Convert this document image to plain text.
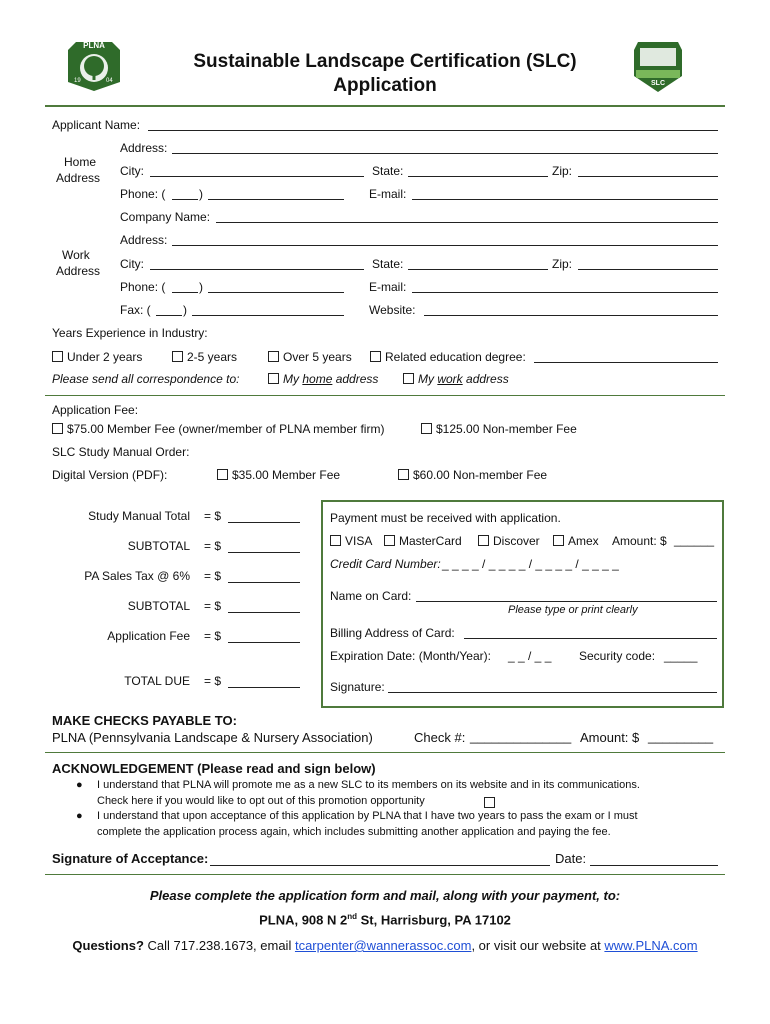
PLNA
19	04
Sustainable Landscape Certification (SLC)
Application	SLC
Applicant Name:
Home
Address
Address:
City:	State:	Zip:
Phone: (	)	E-mail:
Company Name:
Work
Address
Address:
City:	State:	Zip:
Phone: (	)	E-mail:
Fax: (	)	Website:
Years Experience in Industry:
Under 2 years	2-5 years	Over 5 years	Related education degree:
Please send all correspondence to:	My home address	My work address
Application Fee:
$75.00 Member Fee (owner/member of PLNA member firm)	$125.00 Non-member Fee
SLC Study Manual Order:
Digital Version (PDF):	$35.00 Member Fee	$60.00 Non-member Fee
Study Manual Total = $
SUBTOTAL = $
PA Sales Tax @ 6% = $
SUBTOTAL = $
Application Fee = $
TOTAL DUE = $
Payment must be received with application.
VISA	MasterCard	Discover	Amex Amount: $ ______
Credit Card Number: _ _ _ _ / _ _ _ _ / _ _ _ _ / _ _ _ _
Name on Card:
Please type or print clearly
Billing Address of Card:
Expiration Date: (Month/Year): _ _ / _ _ Security code: _____
Signature:
MAKE CHECKS PAYABLE TO:
PLNA (Pennsylvania Landscape & Nursery Association)	Check #: ______________ Amount: $ _________
ACKNOWLEDGEMENT (Please read and sign below)
● I understand that PLNA will promote me as a new SLC to its members on its website and in its communications.
Check here if you would like to opt out of this promotion opportunity
● I understand that upon acceptance of this application by PLNA that I have two years to pass the exam or I must
complete the application process again, which includes submitting another application and paying the fee.
Signature of Acceptance:	Date:
Please complete the application form and mail, along with your payment, to:
PLNA, 908 N 2nd St, Harrisburg, PA 17102
Questions? Call 717.238.1673, email tcarpenter@wannerassoc.com, or visit our website at www.PLNA.com
